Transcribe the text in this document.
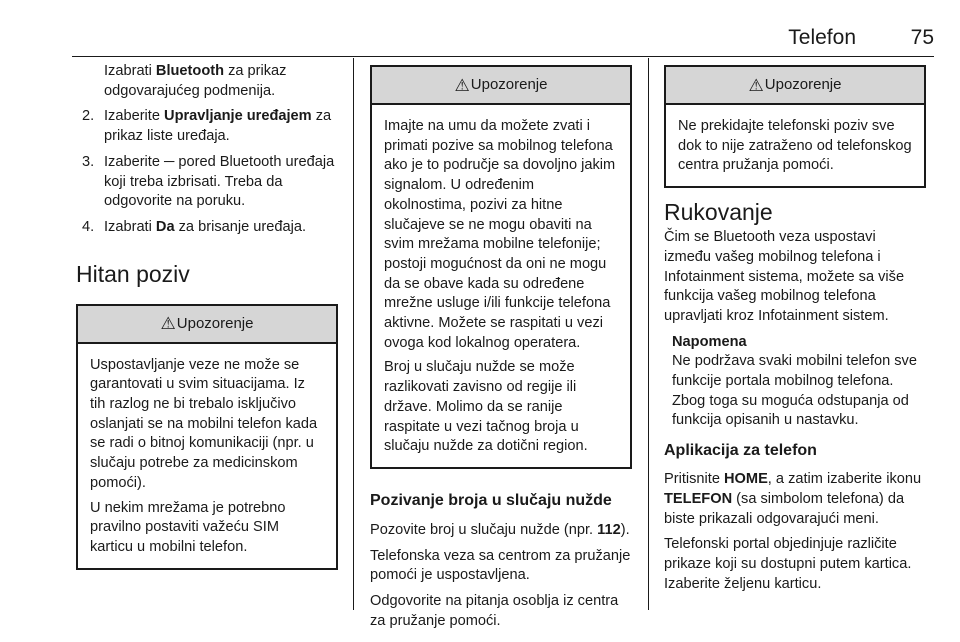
Telefon	75

Izabrati Bluetooth za prikaz odgovarajućeg podmenija.

2. Izaberite Upravljanje uređajem za prikaz liste uređaja.

3. Izaberite ─ pored Bluetooth uređaja koji treba izbrisati. Treba da odgovorite na poruku.

4. Izabrati Da za brisanje uređaja.

Hitan poziv
⚠ Upozorenje

Uspostavljanje veze ne može se garantovati u svim situacijama. Iz tih razlog ne bi trebalo isključivo oslanjati se na mobilni telefon kada se radi o bitnoj komunikaciji (npr. u slučaju potrebe za medicinskom pomoći).

U nekim mrežama je potrebno pravilno postaviti važeću SIM karticu u mobilni telefon.

⚠ Upozorenje

Imajte na umu da možete zvati i primati pozive sa mobilnog telefona ako je to područje sa dovoljno jakim signalom. U određenim okolnostima, pozivi za hitne slučajeve se ne mogu obaviti na svim mrežama mobilne telefonije; postoji mogućnost da oni ne mogu da se obave kada su određene mrežne usluge i/ili funkcije telefona aktivne. Možete se raspitati u vezi ovoga kod lokalnog operatera.

Broj u slučaju nužde se može razlikovati zavisno od regije ili države. Molimo da se ranije raspitate u vezi tačnog broja u slučaju nužde za dotični region.

Pozivanje broja u slučaju nužde

Pozovite broj u slučaju nužde (npr. 112).

Telefonska veza sa centrom za pružanje pomoći je uspostavljena.

Odgovorite na pitanja osoblja iz centra za pružanje pomoći.

⚠ Upozorenje

Ne prekidajte telefonski poziv sve dok to nije zatraženo od telefonskog centra pružanja pomoći.

Rukovanje

Čim se Bluetooth veza uspostavi između vašeg mobilnog telefona i Infotainment sistema, možete sa više funkcija vašeg mobilnog telefona upravljati kroz Infotainment sistem.

Napomena

Ne podržava svaki mobilni telefon sve funkcije portala mobilnog telefona. Zbog toga su moguća odstupanja od funkcija opisanih u nastavku.

Aplikacija za telefon

Pritisnite HOME, a zatim izaberite ikonu TELEFON (sa simbolom telefona) da biste prikazali odgovarajući meni.

Telefonski portal objedinjuje različite prikaze koji su dostupni putem kartica. Izaberite željenu karticu.
